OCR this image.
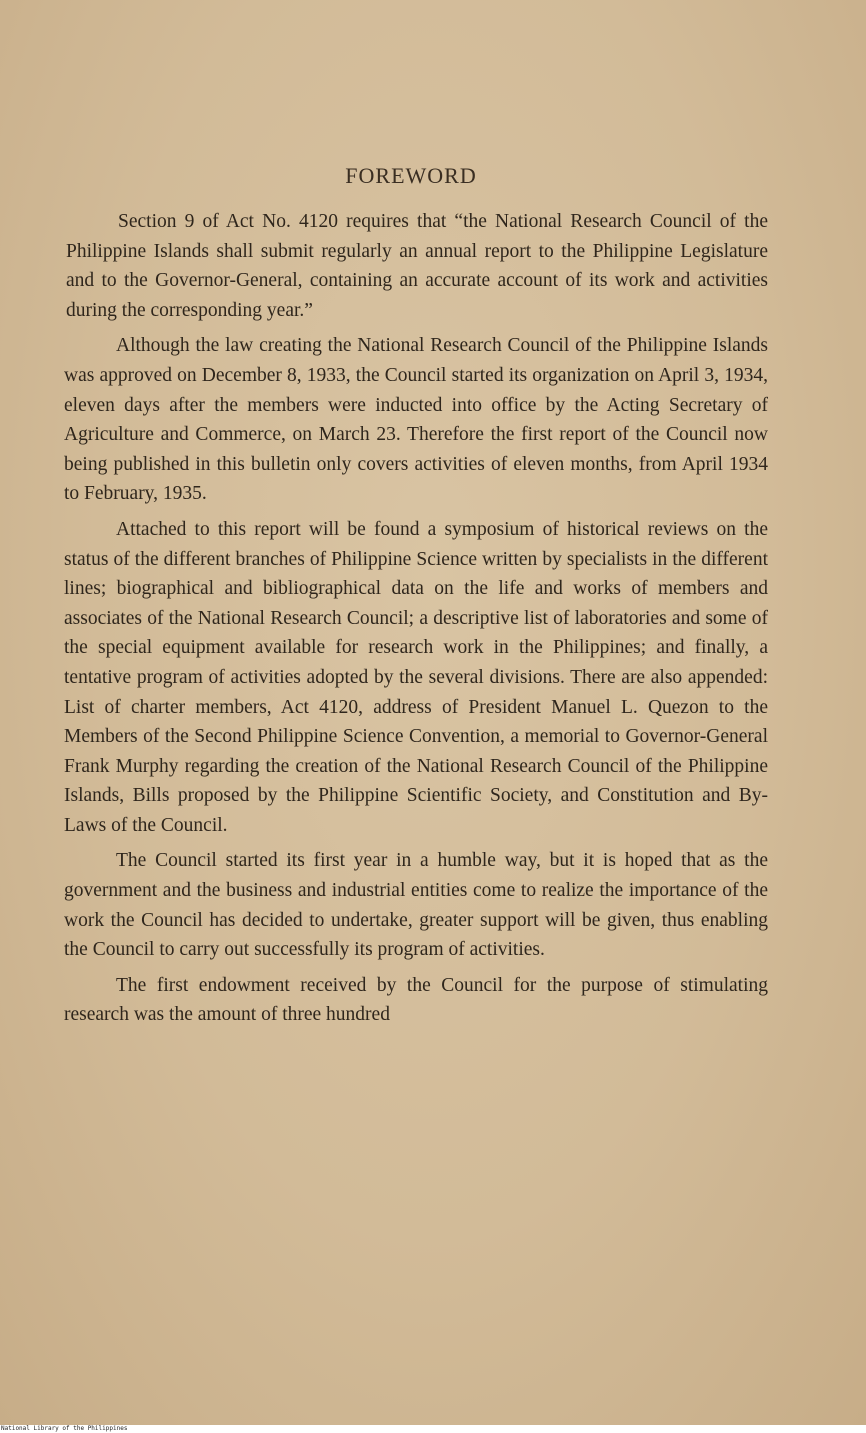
FOREWORD

Section 9 of Act No. 4120 requires that “the National Research Council of the Philippine Islands shall submit regularly an annual report to the Philippine Legislature and to the Governor-General, containing an accurate account of its work and activities during the corresponding year.”

Although the law creating the National Research Council of the Philippine Islands was approved on December 8, 1933, the Council started its organization on April 3, 1934, eleven days after the members were inducted into office by the Acting Secretary of Agriculture and Commerce, on March 23. Therefore the first report of the Council now being published in this bulletin only covers activities of eleven months, from April 1934 to February, 1935.

Attached to this report will be found a symposium of historical reviews on the status of the different branches of Philippine Science written by specialists in the different lines; biographical and bibliographical data on the life and works of members and associates of the National Research Council; a descriptive list of laboratories and some of the special equipment available for research work in the Philippines; and finally, a tentative program of activities adopted by the several divisions. There are also appended: List of charter members, Act 4120, address of President Manuel L. Quezon to the Members of the Second Philippine Science Convention, a memorial to Governor-General Frank Murphy regarding the creation of the National Research Council of the Philippine Islands, Bills proposed by the Philippine Scientific Society, and Constitution and By-Laws of the Council.

The Council started its first year in a humble way, but it is hoped that as the government and the business and industrial entities come to realize the importance of the work the Council has decided to undertake, greater support will be given, thus enabling the Council to carry out successfully its program of activities.

The first endowment received by the Council for the purpose of stimulating research was the amount of three hundred

National Library of the Philippines
